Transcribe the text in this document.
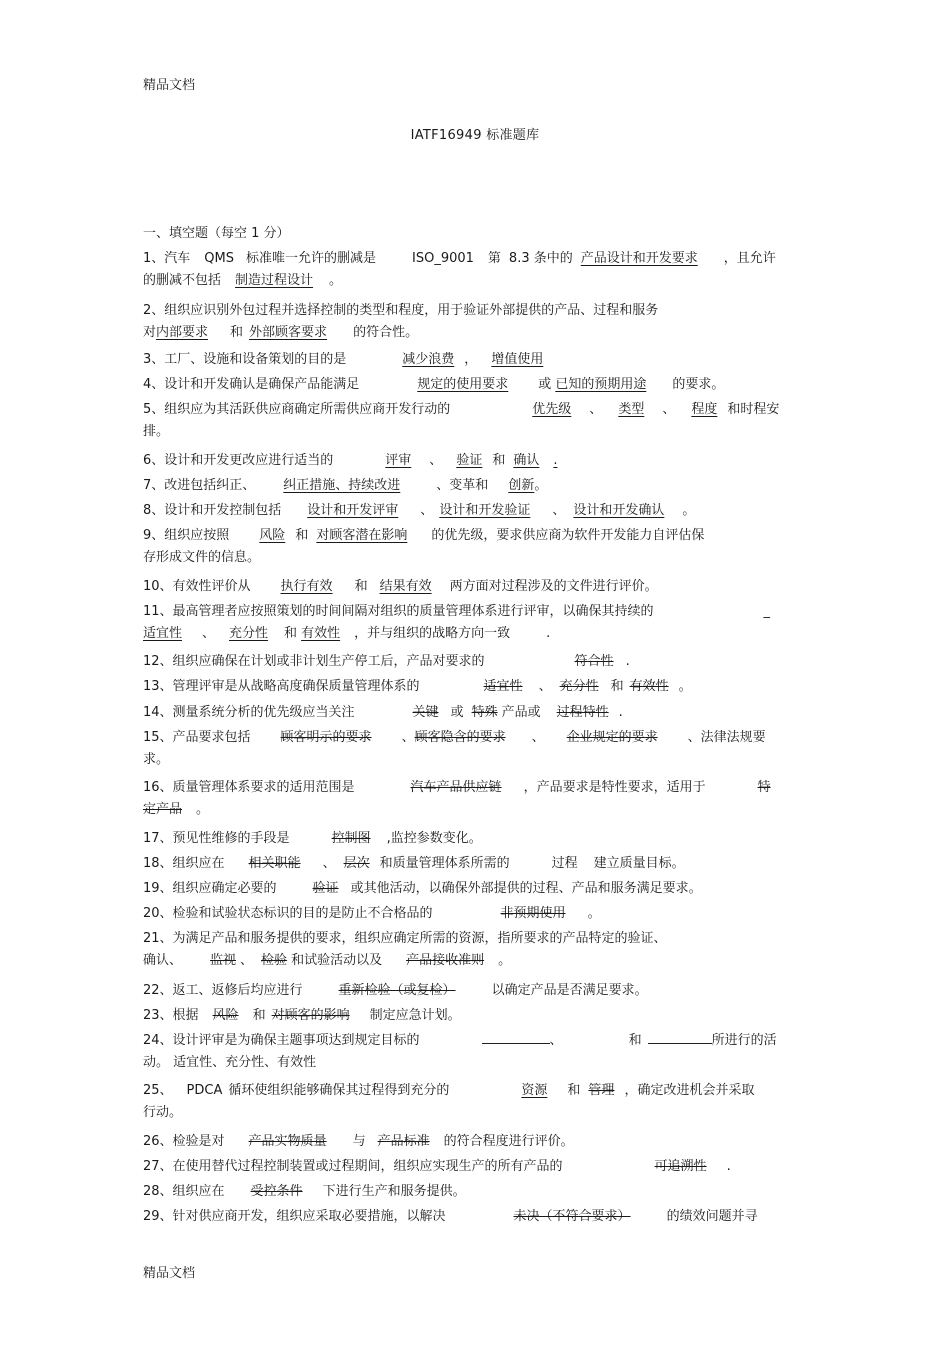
精品文档
IATF16949 标准题库
一、填空题（每空 1 分）
1、汽车 QMS 标准唯一允许的删减是	ISO_9001 第 8.3 条中的 产品设计和开发要求 ，且允许
的删减不包括 制造过程设计 。
2、组织应识别外包过程并选择控制的类型和程度，用于验证外部提供的产品、过程和服务
对内部要求 和 外部顾客要求 的符合性。
3、工厂、设施和设备策划的目的是	减少浪费 ， 增值使用
4、设计和开发确认是确保产品能满足	规定的使用要求 或 已知的预期用途 的要求。
5、组织应为其活跃供应商确定所需供应商开发行动的	优先级 、 类型 、 程度 和时程安
排。
6、设计和开发更改应进行适当的	评审 、 验证 和 确认 .
7、改进包括纠正、 纠正措施、持续改进	、变革和 创新。
8、设计和开发控制包括 设计和开发评审 、 设计和开发验证 、 设计和开发确认 。
9、组织应按照 风险 和 对顾客潜在影响 的优先级，要求供应商为软件开发能力自评估保
存形成文件的信息。
10、有效性评价从 执行有效 和 结果有效 两方面对过程涉及的文件进行评价。
11、最高管理者应按照策划的时间间隔对组织的质量管理体系进行评审，以确保其持续的	_
适宜性 、 充分性 和 有效性 ，并与组织的战略方向一致	.
12、组织应确保在计划或非计划生产停工后，产品对要求的	符合性 .
13、管理评审是从战略高度确保质量管理体系的	适宜性 、 充分性 和 有效性 。
14、测量系统分析的优先级应当关注	关键 或 特殊 产品或 过程特性 .
15、产品要求包括 顾客明示的要求 、顾客隐含的要求 、 企业规定的要求 、法律法规要
求。
16、质量管理体系要求的适用范围是	汽车产品供应链 ，产品要求是特性要求，适用于	特
定产品 。
17、预见性维修的手段是	控制图 ,监控参数变化。
18、组织应在 相关职能 、 层次 和质量管理体系所需的	过程 建立质量目标。
19、组织应确定必要的	验证 或其他活动，以确保外部提供的过程、产品和服务满足要求。
20、检验和试验状态标识的目的是防止不合格品的	非预期使用 。
21、为满足产品和服务提供的要求，组织应确定所需的资源，指所要求的产品特定的验证、
确认、 监视 、 检验 和试验活动以及 产品接收准则 。
22、返工、返修后均应进行	重新检验（或复检）	以确定产品是否满足要求。
23、根据 风险 和 对顾客的影响 制定应急计划。
24、设计评审是为确保主题事项达到规定目标的	、	和	所进行的活
动。 适宜性、充分性、有效性
25、 PDCA 循环使组织能够确保其过程得到充分的	资源 和 管理 ，确定改进机会并采取
行动。
26、检验是对 产品实物质量 与 产品标准 的符合程度进行评价。
27、在使用替代过程控制装置或过程期间，组织应实现生产的所有产品的	可追溯性 .
28、组织应在 受控条件 下进行生产和服务提供。
29、针对供应商开发，组织应采取必要措施，以解决	未决（不符合要求）	的绩效问题并寻
精品文档
